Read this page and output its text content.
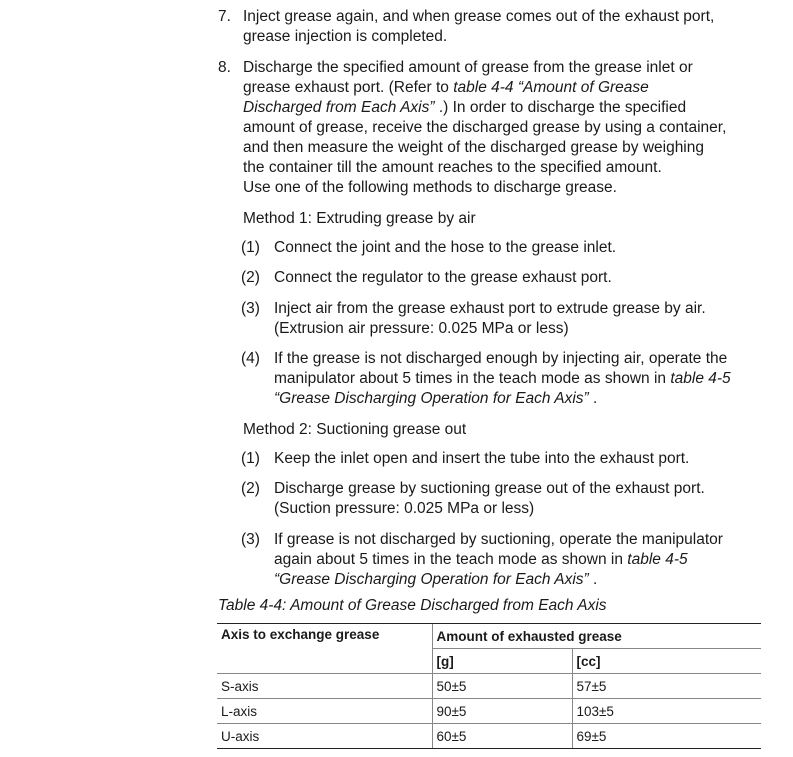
7. Inject grease again, and when grease comes out of the exhaust port,
grease injection is completed.
8. Discharge the specified amount of grease from the grease inlet or
grease exhaust port. (Refer to table 4-4 “Amount of Grease
Discharged from Each Axis” .) In order to discharge the specified
amount of grease, receive the discharged grease by using a container,
and then measure the weight of the discharged grease by weighing
the container till the amount reaches to the specified amount.
Use one of the following methods to discharge grease.
Method 1: Extruding grease by air
(1) Connect the joint and the hose to the grease inlet.
(2) Connect the regulator to the grease exhaust port.
(3) Inject air from the grease exhaust port to extrude grease by air.
(Extrusion air pressure: 0.025 MPa or less)
(4) If the grease is not discharged enough by injecting air, operate the
manipulator about 5 times in the teach mode as shown in table 4-5
“Grease Discharging Operation for Each Axis” .
Method 2: Suctioning grease out
(1) Keep the inlet open and insert the tube into the exhaust port.
(2) Discharge grease by suctioning grease out of the exhaust port.
(Suction pressure: 0.025 MPa or less)
(3) If grease is not discharged by suctioning, operate the manipulator
again about 5 times in the teach mode as shown in table 4-5
“Grease Discharging Operation for Each Axis” .
Table 4-4: Amount of Grease Discharged from Each Axis
Axis to exchange grease	Amount of exhausted grease	
	[g]	[cc]
S-axis	50±5	57±5
L-axis	90±5	103±5
U-axis	60±5	69±5
